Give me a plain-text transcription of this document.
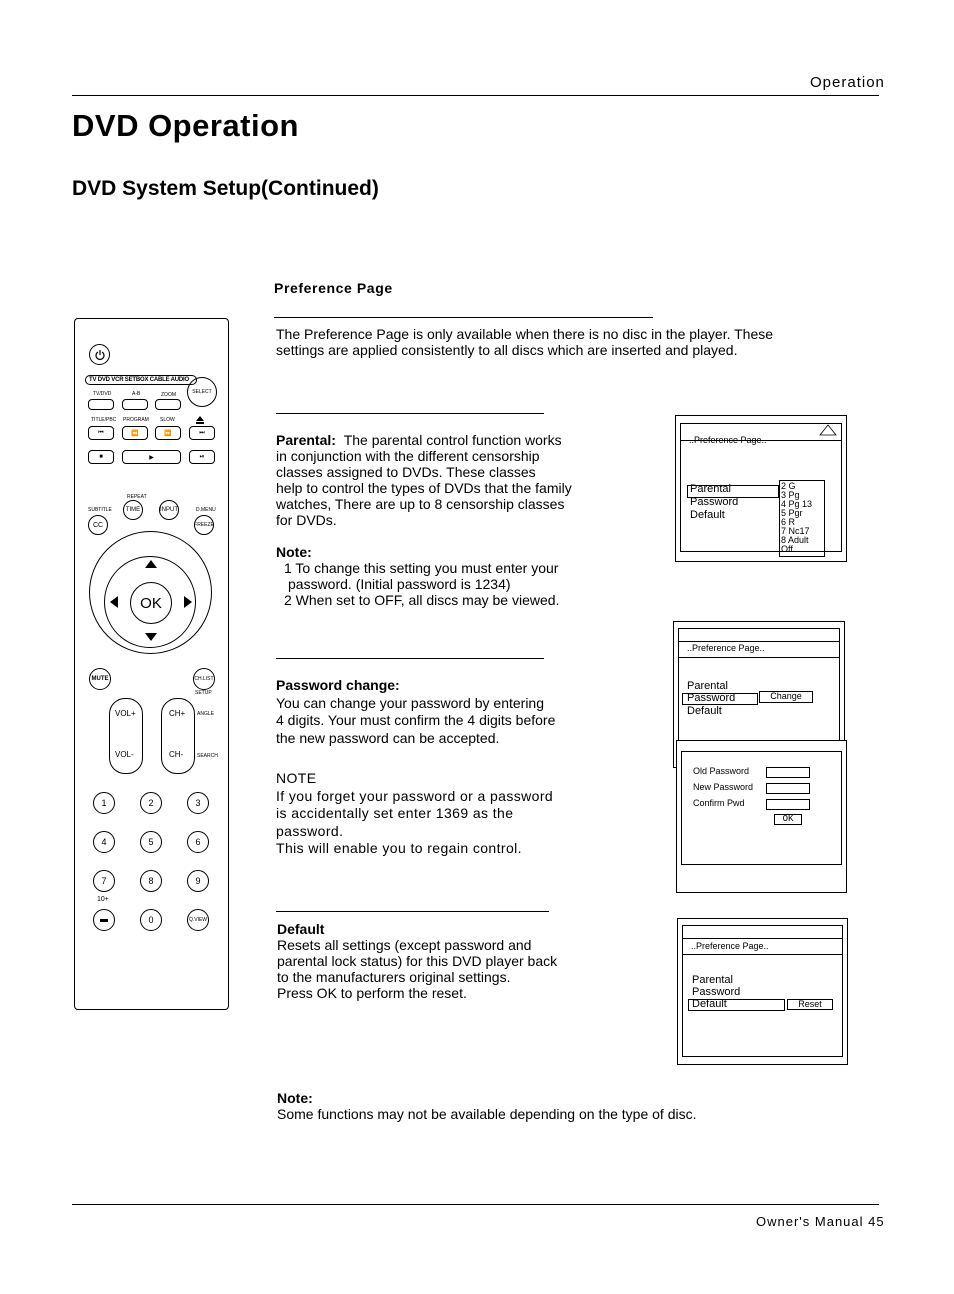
Operation
DVD Operation
DVD System Setup(Continued)
Preference Page
The Preference Page is only available when there is no disc in the player. These
settings are applied consistently to all discs which are inserted and played.
Parental: The parental control function works
in conjunction with the different censorship
classes assigned to DVDs. These classes
help to control the types of DVDs that the family
watches, There are up to 8 censorship classes
for DVDs.
Note:
1 To change this setting you must enter your
password. (Initial password is 1234)
2 When set to OFF, all discs may be viewed.
Password change:
You can change your password by entering
4 digits. Your must confirm the 4 digits before
the new password can be accepted.
NOTE
If you forget your password or a password
is accidentally set enter 1369 as the
password.
This will enable you to regain control.
Default
Resets all settings (except password and
parental lock status) for this DVD player back
to the manufacturers original settings.
Press OK to perform the reset.
Note:
Some functions may not be available depending on the type of disc.
..Preference Page..
Parental
Password
Default
2 G
3 Pg
4 Pg 13
5 Pgr
6 R
7 Nc17
8 Adult
Off
..Preference Page..
Parental
Password
Default
Change
Old Password
New Password
Confirm Pwd
OK
..Preference Page..
Parental
Password
Default	Reset
TV DVD VCR SETBOX CABLE AUDIO
SELECT
TV/DVD	A-B	ZOOM
TITLE/PBC PROGRAM SLOW
⏮	⏪	⏩	⏭
■	▶	⏯
REPEAT
SUBTITLE	D.MENU
CC
TIME	INPUT
FREEZE
OK
MUTE	CH.LIST
SETUP
VOL+
VOL-
CH+
CH-
ANGLE
SEARCH
1	2	3
4	5	6
7	8	9
10+
0	Q.VIEW
Owner's Manual 45
